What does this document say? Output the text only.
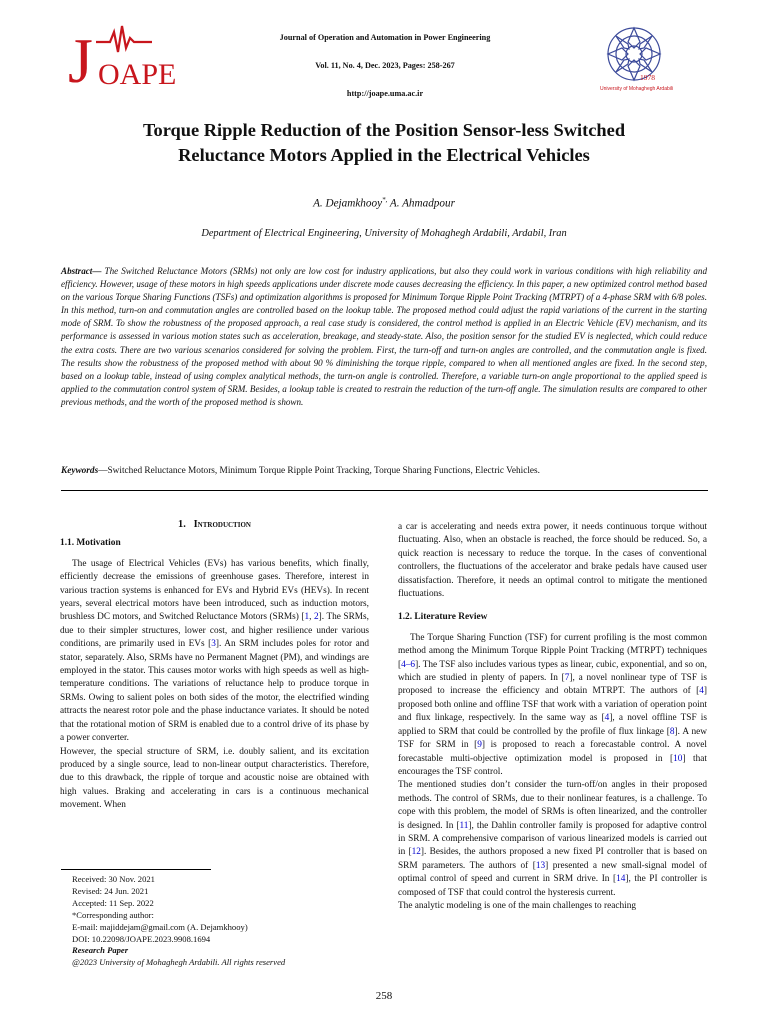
J OAPE
Journal of Operation and Automation in Power Engineering
Vol. 11, No. 4, Dec. 2023, Pages: 258-267
http://joape.uma.ac.ir
1978
University of Mohaghegh Ardabili
Torque Ripple Reduction of the Position Sensor-less Switched
Reluctance Motors Applied in the Electrical Vehicles
A. Dejamkhooy*, A. Ahmadpour
Department of Electrical Engineering, University of Mohaghegh Ardabili, Ardabil, Iran
Abstract— The Switched Reluctance Motors (SRMs) not only are low cost for industry applications, but also they could work in various conditions with high reliability and efficiency. However, usage of these motors in high speeds applications under discrete mode causes decreasing the efficiency. In this paper, a new optimized control method based on the various Torque Sharing Functions (TSFs) and optimization algorithms is proposed for Minimum Torque Ripple Point Tracking (MTRPT) of a 4-phase SRM with 6/8 poles. In this method, turn-on and commutation angles are controlled based on the lookup table. The proposed method could adjust the rapid variations of the current in the starting mode of SRM. To show the robustness of the proposed approach, a real case study is considered, the control method is applied in an Electric Vehicle (EV) mechanism, and its performance is assessed in various motion states such as acceleration, breakage, and steady-state. Also, the position sensor for the studied EV is neglected, which could reduce the extra costs. There are two various scenarios considered for solving the problem. First, the turn-off and turn-on angles are controlled, and the commutation angle is fixed. The results show the robustness of the proposed method with about 90 % diminishing the torque ripple, compared to when all mentioned angles are fixed. In the second step, based on a lookup table, instead of using complex analytical methods, the turn-on angle is controlled. Therefore, a variable turn-on angle proportional to the applied speed is applied to the commutation control system of SRM. Besides, a lookup table is created to restrain the reduction of the turn-off angle. The simulation results are compared to other previous methods, and the worth of the proposed method is shown.
Keywords—Switched Reluctance Motors, Minimum Torque Ripple Point Tracking, Torque Sharing Functions, Electric Vehicles.
1. Introduction
1.1. Motivation

The usage of Electrical Vehicles (EVs) has various benefits, which finally, efficiently decrease the emissions of greenhouse gases. Therefore, interest in various traction systems is enhanced for EVs and Hybrid EVs (HEVs). In recent years, several electrical motors have been introduced, such as induction motors, brushless DC motors, and Switched Reluctance Motors (SRMs) [1, 2]. The SRMs, due to their simpler structures, lower cost, and higher resilience under various conditions, are primarily used in EVs [3]. An SRM includes poles for rotor and stator, separately. Also, SRMs have no Permanent Magnet (PM), and windings are employed in the stator. This causes motor works with high speeds as well as high-temperature conditions. The variations of reluctance help to produce torque in SRMs. Owing to salient poles on both sides of the motor, the electrified winding attracts the nearest rotor pole and the phase inductance variates. It should be noted that the rotational motion of SRM is enabled due to a control drive of its phase by a power converter.

However, the special structure of SRM, i.e. doubly salient, and its excitation produced by a single source, lead to non-linear output characteristics. Therefore, due to this drawback, the ripple of torque and acoustic noise are obtained with high values. Braking and accelerating in cars is a continuous mechanical movement. When

a car is accelerating and needs extra power, it needs continuous torque without fluctuating. Also, when an obstacle is reached, the force should be reduced. So, a quick reaction is necessary to reduce the torque. In the cases of conventional controllers, the fluctuations of the accelerator and brake pedals have caused user dissatisfaction. Therefore, it needs an optimal control to mitigate the mentioned fluctuations.

1.2. Literature Review

The Torque Sharing Function (TSF) for current profiling is the most common method among the Minimum Torque Ripple Point Tracking (MTRPT) techniques [4–6]. The TSF also includes various types as linear, cubic, exponential, and so on, which are studied in plenty of papers. In [7], a novel nonlinear type of TSF is proposed to increase the efficiency and obtain MTRPT. The authors of [4] proposed both online and offline TSF that work with a variation of operation point and flux linkage, respectively. In the same way as [4], a novel offline TSF is applied to SRM that could be controlled by the profile of flux linkage [8]. A new TSF for SRM in [9] is proposed to reach a forecastable control. A novel forecastable multi-objective optimization model is proposed in [10] that encourages the TSF control.

The mentioned studies don’t consider the turn-off/on angles in their proposed methods. The control of SRMs, due to their nonlinear features, is a challenge. To cope with this problem, the model of SRMs is often linearized, and the controller is designed. In [11], the Dahlin controller family is proposed for adaptive control in SRM. A comprehensive comparison of various linearized models is carried out in [12]. Besides, the authors proposed a new fixed PI controller that is based on SRM parameters. The authors of [13] presented a new small-signal model of optimal control of speed and current in SRM drive. In [14], the PI controller is composed of TSF that could control the hysteresis current.

The analytic modeling is one of the main challenges to reaching

Received: 30 Nov. 2021
Revised: 24 Jun. 2021
Accepted: 11 Sep. 2022
*Corresponding author:
E-mail: majiddejam@gmail.com (A. Dejamkhooy)
DOI: 10.22098/JOAPE.2023.9908.1694
Research Paper
@2023 University of Mohaghegh Ardabili. All rights reserved
258
